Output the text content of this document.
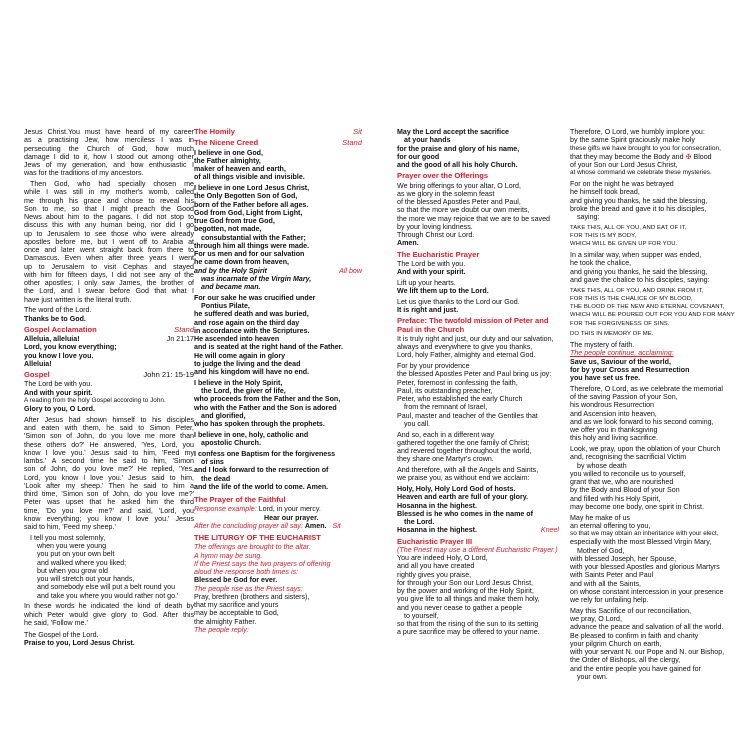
Jesus Christ.You must have heard of my career
as a practising Jew, how merciless I was in
persecuting the Church of God, how much
damage I did to it, how I stood out among other
Jews of my generation, and how enthusiastic I
was for the traditions of my ancestors.
Then God, who had specially chosen me
while I was still in my mother's womb, called
me through his grace and chose to reveal his
Son to me, so that I might preach the Good
News about him to the pagans. I did not stop to
discuss this with any human being, nor did I go
up to Jerusalem to see those who were already
apostles before me, but I went off to Arabia at
once and later went straight back from there to
Damascus. Even when after three years I went
up to Jerusalem to visit Cephas and stayed
with him for fifteen days, I did not see any of the
other apostles; I only saw James, the brother of
the Lord, and I swear before God that what I
have just written is the literal truth.
The word of the Lord.
Thanks be to God.
Gospel Acclamation	Stand
Alleluia, alleluia!
Lord, you know everything;
you know I love you.
Alleluia!
Jn 21:17
Gospel	John 21: 15-19
The Lord be with you.
And with your spirit.
A reading from the holy Gospel according to John.
Glory to you, O Lord.
After Jesus had shown himself to his disciples
and eaten with them, he said to Simon Peter,
'Simon son of John, do you love me more than
these others do?' He answered, 'Yes, Lord, you
know I love you.' Jesus said to him, 'Feed my
lambs.' A second time he said to him, 'Simon
son of John, do you love me?' He replied, 'Yes,
Lord, you know I love you.' Jesus said to him,
'Look after my sheep.' Then he said to him a
third time, 'Simon son of John, do you love me?'
Peter was upset that he asked him the third
time, 'Do you love me?' and said, 'Lord, you
know everything; you know I love you.' Jesus
said to him, 'Feed my sheep.'
I tell you most solemnly,
when you were young
you put on your own belt
and walked where you liked;
but when you grow old
you will stretch out your hands,
and somebody else will put a belt round you
and take you where you would rather not go.'
In these words he indicated the kind of death by
which Peter would give glory to God. After this
he said, 'Follow me.'
The Gospel of the Lord.
Praise to you, Lord Jesus Christ.
The Homily	Sit
The Nicene Creed	Stand
I believe in one God,
the Father almighty,
maker of heaven and earth,
of all things visible and invisible.
I believe in one Lord Jesus Christ,
the Only Begotten Son of God,
born of the Father before all ages.
God from God, Light from Light,
true God from true God,
begotten, not made,
consubstantial with the Father;
through him all things were made.
For us men and for our salvation
he came down from heaven,
and by the Holy Spirit	All bow
was incarnate of the Virgin Mary,
and became man.
For our sake he was crucified under
Pontius Pilate,
he suffered death and was buried,
and rose again on the third day
in accordance with the Scriptures.
He ascended into heaven
and is seated at the right hand of the Father.
He will come again in glory
to judge the living and the dead
and his kingdom will have no end.
I believe in the Holy Spirit,
the Lord, the giver of life,
who proceeds from the Father and the Son,
who with the Father and the Son is adored
and glorified,
who has spoken through the prophets.
I believe in one, holy, catholic and
apostolic Church.
I confess one Baptism for the forgiveness
of sins
and I look forward to the resurrection of
the dead
and the life of the world to come. Amen.
The Prayer of the Faithful
Response example: Lord, in your mercy.
Hear our prayer.
After the concluding prayer all say: Amen. Sit
THE LITURGY OF THE EUCHARIST
The offerings are brought to the altar.
A hymn may be sung.
If the Priest says the two prayers of offering
aloud the response both times is:
Blessed be God for ever.
The people rise as the Priest says:
Pray, brethren (brothers and sisters),
that my sacrifice and yours
may be acceptable to God,
the almighty Father.
The people reply:
May the Lord accept the sacrifice
at your hands
for the praise and glory of his name,
for our good
and the good of all his holy Church.
Prayer over the Offerings
We bring offerings to your altar, O Lord,
as we glory in the solemn feast
of the blessed Apostles Peter and Paul,
so that the more we doubt our own merits,
the more we may rejoice that we are to be saved
by your loving kindness.
Through Christ our Lord.
Amen.
The Eucharistic Prayer
The Lord be with you.
And with your spirit.
Lift up your hearts.
We lift them up to the Lord.
Let us give thanks to the Lord our God.
It is right and just.
Preface: The twofold mission of Peter and
Paul in the Church
It is truly right and just, our duty and our salvation,
always and everywhere to give you thanks,
Lord, holy Father, almighty and eternal God.
For by your providence
the blessed Apostles Peter and Paul bring us joy:
Peter, foremost in confessing the faith,
Paul, its outstanding preacher,
Peter, who established the early Church
from the remnant of Israel,
Paul, master and teacher of the Gentiles that
you call.
And so, each in a different way
gathered together the one family of Christ;
and revered together throughout the world,
they share one Martyr's crown.
And therefore, with all the Angels and Saints,
we praise you, as without end we acclaim:
Holy, Holy, Holy Lord God of hosts.
Heaven and earth are full of your glory.
Hosanna in the highest.
Blessed is he who comes in the name of
the Lord.
Hosanna in the highest.	Kneel
Eucharistic Prayer III
(The Priest may use a different Eucharistic Prayer.)
You are indeed Holy, O Lord,
and all you have created
rightly gives you praise,
for through your Son our Lord Jesus Christ,
by the power and working of the Holy Spirit,
you give life to all things and make them holy,
and you never cease to gather a people
to yourself,
so that from the rising of the sun to its setting
a pure sacrifice may be offered to your name.
Therefore, O Lord, we humbly implore you:
by the same Spirit graciously make holy
these gifts we have brought to you for consecration,
that they may become the Body and ✠ Blood
of your Son our Lord Jesus Christ,
at whose command we celebrate these mysteries.
For on the night he was betrayed
he himself took bread,
and giving you thanks, he said the blessing,
broke the bread and gave it to his disciples,
saying:
TAKE THIS, ALL OF YOU, AND EAT OF IT,
FOR THIS IS MY BODY,
WHICH WILL BE GIVEN UP FOR YOU.
In a similar way, when supper was ended,
he took the chalice,
and giving you thanks, he said the blessing,
and gave the chalice to his disciples, saying:
TAKE THIS, ALL OF YOU, AND DRINK FROM IT,
FOR THIS IS THE CHALICE OF MY BLOOD,
THE BLOOD OF THE NEW AND ETERNAL COVENANT,
WHICH WILL BE POURED OUT FOR YOU AND FOR MANY
FOR THE FORGIVENESS OF SINS.
DO THIS IN MEMORY OF ME.
The mystery of faith.
The people continue, acclaiming:
Save us, Saviour of the world,
for by your Cross and Resurrection
you have set us free.
Therefore, O Lord, as we celebrate the memorial
of the saving Passion of your Son,
his wondrous Resurrection
and Ascension into heaven,
and as we look forward to his second coming,
we offer you in thanksgiving
this holy and living sacrifice.
Look, we pray, upon the oblation of your Church
and, recognising the sacrificial Victim
by whose death
you willed to reconcile us to yourself,
grant that we, who are nourished
by the Body and Blood of your Son
and filled with his Holy Spirit,
may become one body, one spirit in Christ.
May he make of us
an eternal offering to you,
so that we may obtain an inheritance with your elect,
especially with the most Blessed Virgin Mary,
Mother of God,
with blessed Joseph, her Spouse,
with your blessed Apostles and glorious Martyrs
with Saints Peter and Paul
and with all the Saints,
on whose constant intercession in your presence
we rely for unfailing help.
May this Sacrifice of our reconciliation,
we pray, O Lord,
advance the peace and salvation of all the world.
Be pleased to confirm in faith and charity
your pilgrim Church on earth,
with your servant N. our Pope and N. our Bishop,
the Order of Bishops, all the clergy,
and the entire people you have gained for
your own.
